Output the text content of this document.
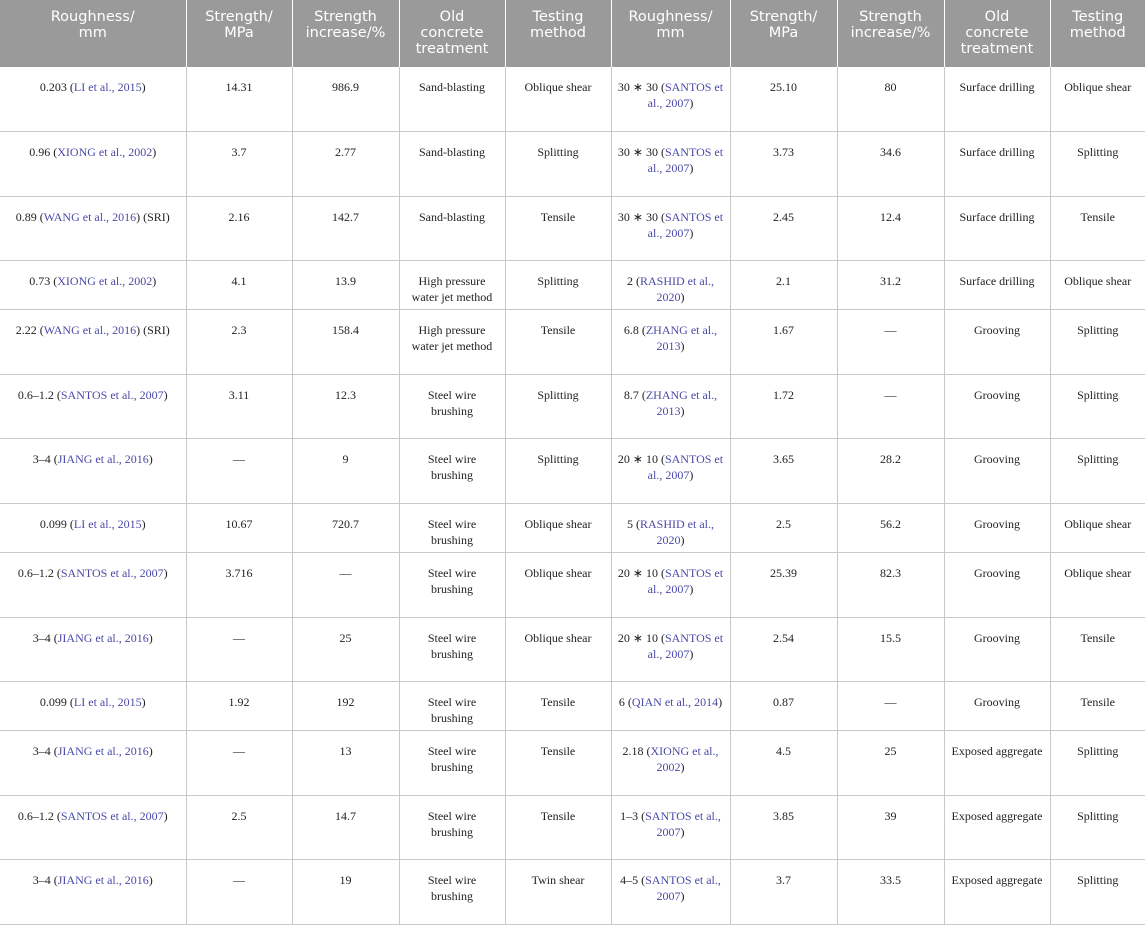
Roughness/
mm	Strength/
MPa	Strength
increase/%	Old
concrete
treatment	Testing
method	Roughness/
mm	Strength/
MPa	Strength
increase/%	Old
concrete
treatment	Testing
method
0.203 (LI et al., 2015)	14.31	986.9	Sand-blasting	Oblique shear	30 ∗ 30 (SANTOS et al., 2007)	25.10	80	Surface drilling	Oblique shear
0.96 (XIONG et al., 2002)	3.7	2.77	Sand-blasting	Splitting	30 ∗ 30 (SANTOS et al., 2007)	3.73	34.6	Surface drilling	Splitting
0.89 (WANG et al., 2016) (SRI)	2.16	142.7	Sand-blasting	Tensile	30 ∗ 30 (SANTOS et al., 2007)	2.45	12.4	Surface drilling	Tensile
0.73 (XIONG et al., 2002)	4.1	13.9	High pressure water jet method	Splitting	2 (RASHID et al., 2020)	2.1	31.2	Surface drilling	Oblique shear
2.22 (WANG et al., 2016) (SRI)	2.3	158.4	High pressure water jet method	Tensile	6.8 (ZHANG et al., 2013)	1.67	—	Grooving	Splitting
0.6–1.2 (SANTOS et al., 2007)	3.11	12.3	Steel wire brushing	Splitting	8.7 (ZHANG et al., 2013)	1.72	—	Grooving	Splitting
3–4 (JIANG et al., 2016)	—	9	Steel wire brushing	Splitting	20 ∗ 10 (SANTOS et al., 2007)	3.65	28.2	Grooving	Splitting
0.099 (LI et al., 2015)	10.67	720.7	Steel wire brushing	Oblique shear	5 (RASHID et al., 2020)	2.5	56.2	Grooving	Oblique shear
0.6–1.2 (SANTOS et al., 2007)	3.716	—	Steel wire brushing	Oblique shear	20 ∗ 10 (SANTOS et al., 2007)	25.39	82.3	Grooving	Oblique shear
3–4 (JIANG et al., 2016)	—	25	Steel wire brushing	Oblique shear	20 ∗ 10 (SANTOS et al., 2007)	2.54	15.5	Grooving	Tensile
0.099 (LI et al., 2015)	1.92	192	Steel wire brushing	Tensile	6 (QIAN et al., 2014)	0.87	—	Grooving	Tensile
3–4 (JIANG et al., 2016)	—	13	Steel wire brushing	Tensile	2.18 (XIONG et al., 2002)	4.5	25	Exposed aggregate	Splitting
0.6–1.2 (SANTOS et al., 2007)	2.5	14.7	Steel wire brushing	Tensile	1–3 (SANTOS et al., 2007)	3.85	39	Exposed aggregate	Splitting
3–4 (JIANG et al., 2016)	—	19	Steel wire brushing	Twin shear	4–5 (SANTOS et al., 2007)	3.7	33.5	Exposed aggregate	Splitting
